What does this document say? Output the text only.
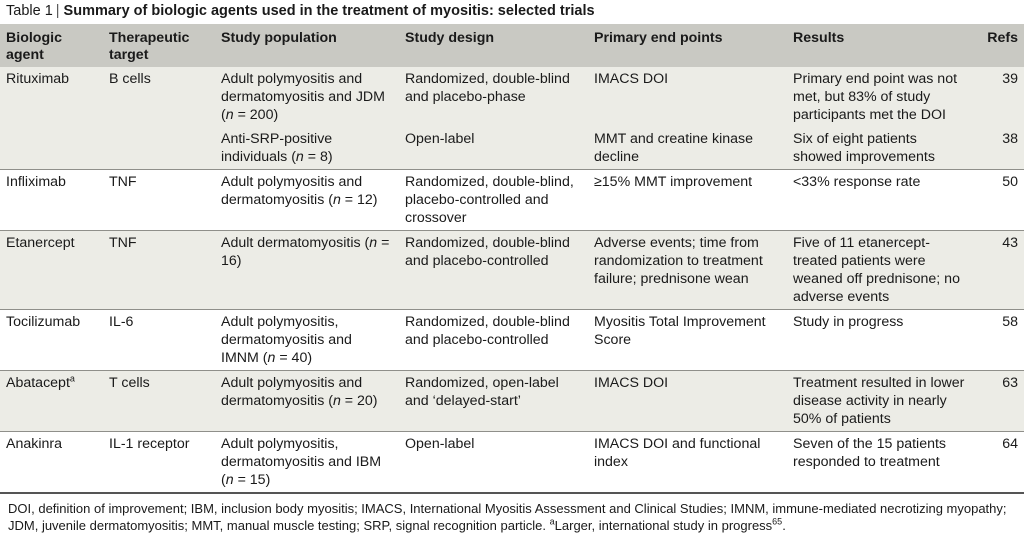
Table 1 | Summary of biologic agents used in the treatment of myositis: selected trials
Biologic agent	Therapeutic target	Study population	Study design	Primary end points	Results	Refs
Rituximab	B cells	Adult polymyositis and dermatomyositis and JDM (n = 200)	Randomized, double-blind and placebo-phase	IMACS DOI	Primary end point was not met, but 83% of study participants met the DOI	39
		Anti-SRP-positive individuals (n = 8)	Open-label	MMT and creatine kinase decline	Six of eight patients showed improvements	38
Infliximab	TNF	Adult polymyositis and dermatomyositis (n = 12)	Randomized, double-blind, placebo-controlled and crossover	≥15% MMT improvement	<33% response rate	50
Etanercept	TNF	Adult dermatomyositis (n = 16)	Randomized, double-blind and placebo-controlled	Adverse events; time from randomization to treatment failure; prednisone wean	Five of 11 etanercept-treated patients were weaned off prednisone; no adverse events	43
Tocilizumab	IL-6	Adult polymyositis, dermatomyositis and IMNM (n = 40)	Randomized, double-blind and placebo-controlled	Myositis Total Improvement Score	Study in progress	58
Abatacept$^a$	T cells	Adult polymyositis and dermatomyositis (n = 20)	Randomized, open-label and ‘delayed-start’	IMACS DOI	Treatment resulted in lower disease activity in nearly 50% of patients	63
Anakinra	IL-1 receptor	Adult polymyositis, dermatomyositis and IBM (n = 15)	Open-label	IMACS DOI and functional index	Seven of the 15 patients responded to treatment	64
DOI, definition of improvement; IBM, inclusion body myositis; IMACS, International Myositis Assessment and Clinical Studies; IMNM, immune-mediated necrotizing myopathy; JDM, juvenile dermatomyositis; MMT, manual muscle testing; SRP, signal recognition particle. $^a$Larger, international study in progress$^{65}$.
